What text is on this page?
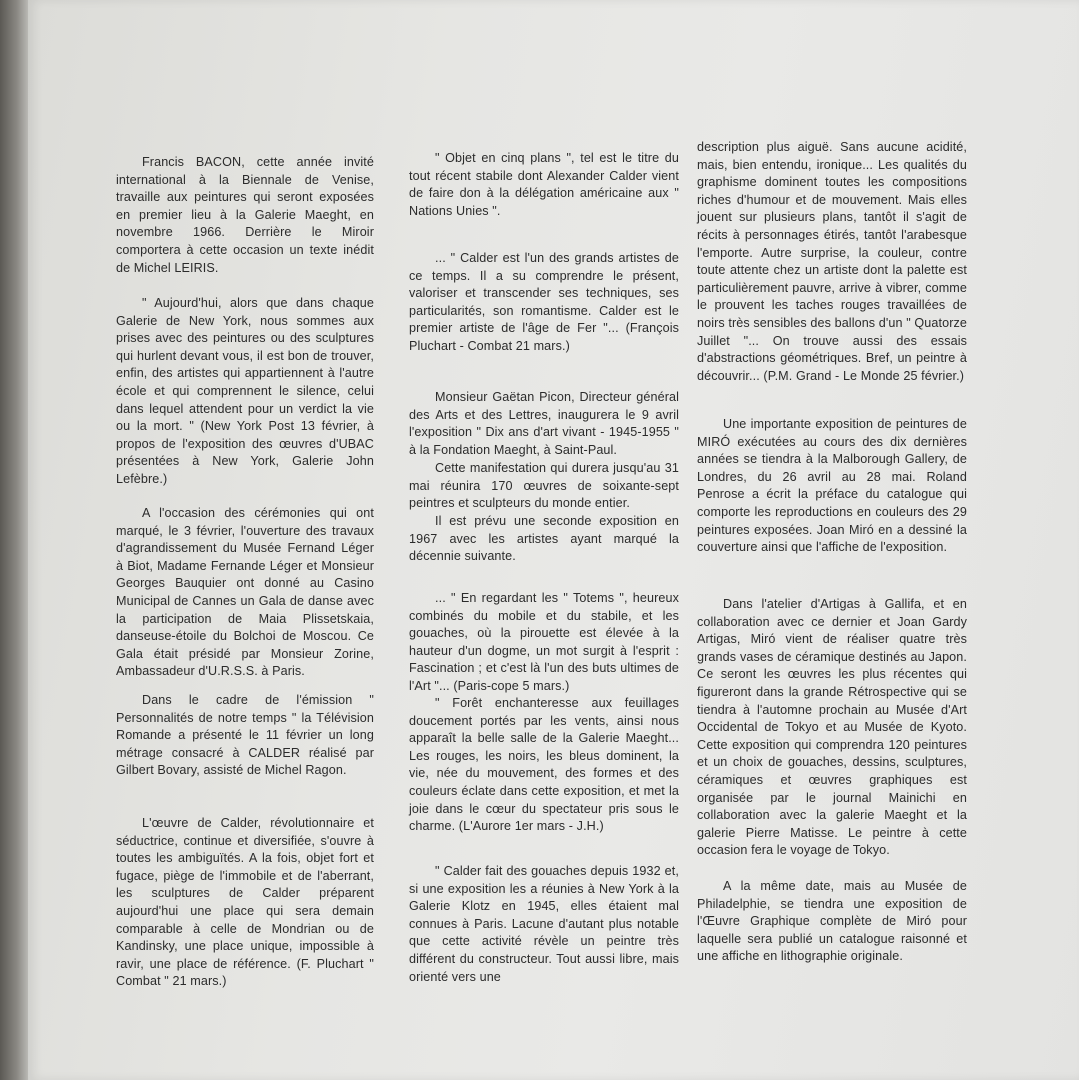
Francis BACON, cette année invité international à la Biennale de Venise, travaille aux peintures qui seront exposées en premier lieu à la Galerie Maeght, en novembre 1966. Derrière le Miroir comportera à cette occasion un texte inédit de Michel LEIRIS.

" Aujourd'hui, alors que dans chaque Galerie de New York, nous sommes aux prises avec des peintures ou des sculptures qui hurlent devant vous, il est bon de trouver, enfin, des artistes qui appartiennent à l'autre école et qui comprennent le silence, celui dans lequel attendent pour un verdict la vie ou la mort. " (New York Post 13 février, à propos de l'exposition des œuvres d'UBAC présentées à New York, Galerie John Lefèbre.)

A l'occasion des cérémonies qui ont marqué, le 3 février, l'ouverture des travaux d'agrandissement du Musée Fernand Léger à Biot, Madame Fernande Léger et Monsieur Georges Bauquier ont donné au Casino Municipal de Cannes un Gala de danse avec la participation de Maia Plissetskaia, danseuse-étoile du Bolchoi de Moscou. Ce Gala était présidé par Monsieur Zorine, Ambassadeur d'U.R.S.S. à Paris.

Dans le cadre de l'émission " Personnalités de notre temps " la Télévision Romande a présenté le 11 février un long métrage consacré à CALDER réalisé par Gilbert Bovary, assisté de Michel Ragon.

L'œuvre de Calder, révolutionnaire et séductrice, continue et diversifiée, s'ouvre à toutes les ambiguïtés. A la fois, objet fort et fugace, piège de l'immobile et de l'aberrant, les sculptures de Calder préparent aujourd'hui une place qui sera demain comparable à celle de Mondrian ou de Kandinsky, une place unique, impossible à ravir, une place de référence. (F. Pluchart " Combat " 21 mars.)

" Objet en cinq plans ", tel est le titre du tout récent stabile dont Alexander Calder vient de faire don à la délégation américaine aux " Nations Unies ".

... " Calder est l'un des grands artistes de ce temps. Il a su comprendre le présent, valoriser et transcender ses techniques, ses particularités, son romantisme. Calder est le premier artiste de l'âge de Fer "... (François Pluchart - Combat 21 mars.)

Monsieur Gaëtan Picon, Directeur général des Arts et des Lettres, inaugurera le 9 avril l'exposition " Dix ans d'art vivant - 1945-1955 " à la Fondation Maeght, à Saint-Paul.

Cette manifestation qui durera jusqu'au 31 mai réunira 170 œuvres de soixante-sept peintres et sculpteurs du monde entier.

Il est prévu une seconde exposition en 1967 avec les artistes ayant marqué la décennie suivante.

... " En regardant les " Totems ", heureux combinés du mobile et du stabile, et les gouaches, où la pirouette est élevée à la hauteur d'un dogme, un mot surgit à l'esprit : Fascination ; et c'est là l'un des buts ultimes de l'Art "... (Paris-cope 5 mars.)

" Forêt enchanteresse aux feuillages doucement portés par les vents, ainsi nous apparaît la belle salle de la Galerie Maeght... Les rouges, les noirs, les bleus dominent, la vie, née du mouvement, des formes et des couleurs éclate dans cette exposition, et met la joie dans le cœur du spectateur pris sous le charme. (L'Aurore 1er mars - J.H.)

" Calder fait des gouaches depuis 1932 et, si une exposition les a réunies à New York à la Galerie Klotz en 1945, elles étaient mal connues à Paris. Lacune d'autant plus notable que cette activité révèle un peintre très différent du constructeur. Tout aussi libre, mais orienté vers une

description plus aiguë. Sans aucune acidité, mais, bien entendu, ironique... Les qualités du graphisme dominent toutes les compositions riches d'humour et de mouvement. Mais elles jouent sur plusieurs plans, tantôt il s'agit de récits à personnages étirés, tantôt l'arabesque l'emporte. Autre surprise, la couleur, contre toute attente chez un artiste dont la palette est particulièrement pauvre, arrive à vibrer, comme le prouvent les taches rouges travaillées de noirs très sensibles des ballons d'un " Quatorze Juillet "... On trouve aussi des essais d'abstractions géométriques. Bref, un peintre à découvrir... (P.M. Grand - Le Monde 25 février.)

Une importante exposition de peintures de MIRÓ exécutées au cours des dix dernières années se tiendra à la Malborough Gallery, de Londres, du 26 avril au 28 mai. Roland Penrose a écrit la préface du catalogue qui comporte les reproductions en couleurs des 29 peintures exposées. Joan Miró en a dessiné la couverture ainsi que l'affiche de l'exposition.

Dans l'atelier d'Artigas à Gallifa, et en collaboration avec ce dernier et Joan Gardy Artigas, Miró vient de réaliser quatre très grands vases de céramique destinés au Japon. Ce seront les œuvres les plus récentes qui figureront dans la grande Rétrospective qui se tiendra à l'automne prochain au Musée d'Art Occidental de Tokyo et au Musée de Kyoto. Cette exposition qui comprendra 120 peintures et un choix de gouaches, dessins, sculptures, céramiques et œuvres graphiques est organisée par le journal Mainichi en collaboration avec la galerie Maeght et la galerie Pierre Matisse. Le peintre à cette occasion fera le voyage de Tokyo.

A la même date, mais au Musée de Philadelphie, se tiendra une exposition de l'Œuvre Graphique complète de Miró pour laquelle sera publié un catalogue raisonné et une affiche en lithographie originale.
